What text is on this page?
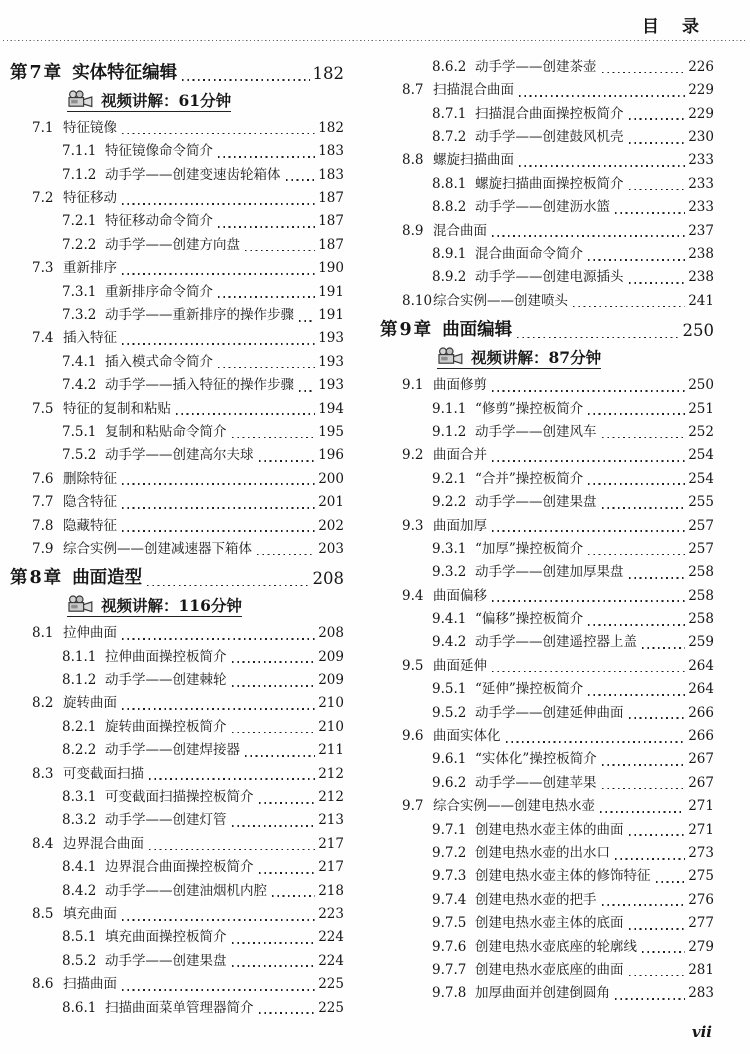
目　录
第7章 实体特征编辑	182
视频讲解：61分钟
7.1 特征镜像	182
7.1.1 特征镜像命令简介	183
7.1.2 动手学——创建变速齿轮箱体	183
7.2 特征移动	187
7.2.1 特征移动命令简介	187
7.2.2 动手学——创建方向盘	187
7.3 重新排序	190
7.3.1 重新排序命令简介	191
7.3.2 动手学——重新排序的操作步骤 191
7.4 插入特征	193
7.4.1 插入模式命令简介	193
7.4.2 动手学——插入特征的操作步骤 193
7.5 特征的复制和粘贴	194
7.5.1 复制和粘贴命令简介	195
7.5.2 动手学——创建高尔夫球	196
7.6 删除特征	200
7.7 隐含特征	201
7.8 隐藏特征	202
7.9 综合实例——创建减速器下箱体	203
第8章 曲面造型	208
视频讲解：116分钟
8.1 拉伸曲面	208
8.1.1 拉伸曲面操控板简介	209
8.1.2 动手学——创建棘轮	209
8.2 旋转曲面	210
8.2.1 旋转曲面操控板简介	210
8.2.2 动手学——创建焊接器	211
8.3 可变截面扫描	212
8.3.1 可变截面扫描操控板简介	212
8.3.2 动手学——创建灯管	213
8.4 边界混合曲面	217
8.4.1 边界混合曲面操控板简介	217
8.4.2 动手学——创建油烟机内腔	218
8.5 填充曲面	223
8.5.1 填充曲面操控板简介	224
8.5.2 动手学——创建果盘	224
8.6 扫描曲面	225
8.6.1 扫描曲面菜单管理器简介	225
8.6.2 动手学——创建茶壶	226
8.7 扫描混合曲面	229
8.7.1 扫描混合曲面操控板简介	229
8.7.2 动手学——创建鼓风机壳	230
8.8 螺旋扫描曲面	233
8.8.1 螺旋扫描曲面操控板简介	233
8.8.2 动手学——创建沥水篮	233
8.9 混合曲面	237
8.9.1 混合曲面命令简介	238
8.9.2 动手学——创建电源插头	238
8.10 综合实例——创建喷头	241
第9章 曲面编辑	250
视频讲解：87分钟
9.1 曲面修剪	250
9.1.1 “修剪”操控板简介	251
9.1.2 动手学——创建风车	252
9.2 曲面合并	254
9.2.1 “合并”操控板简介	254
9.2.2 动手学——创建果盘	255
9.3 曲面加厚	257
9.3.1 “加厚”操控板简介	257
9.3.2 动手学——创建加厚果盘	258
9.4 曲面偏移	258
9.4.1 “偏移”操控板简介	258
9.4.2 动手学——创建遥控器上盖	259
9.5 曲面延伸	264
9.5.1 “延伸”操控板简介	264
9.5.2 动手学——创建延伸曲面	266
9.6 曲面实体化	266
9.6.1 “实体化”操控板简介	267
9.6.2 动手学——创建苹果	267
9.7 综合实例——创建电热水壶	271
9.7.1 创建电热水壶主体的曲面	271
9.7.2 创建电热水壶的出水口	273
9.7.3 创建电热水壶主体的修饰特征	275
9.7.4 创建电热水壶的把手	276
9.7.5 创建电热水壶主体的底面	277
9.7.6 创建电热水壶底座的轮廓线	279
9.7.7 创建电热水壶底座的曲面	281
9.7.8 加厚曲面并创建倒圆角	283
vii
